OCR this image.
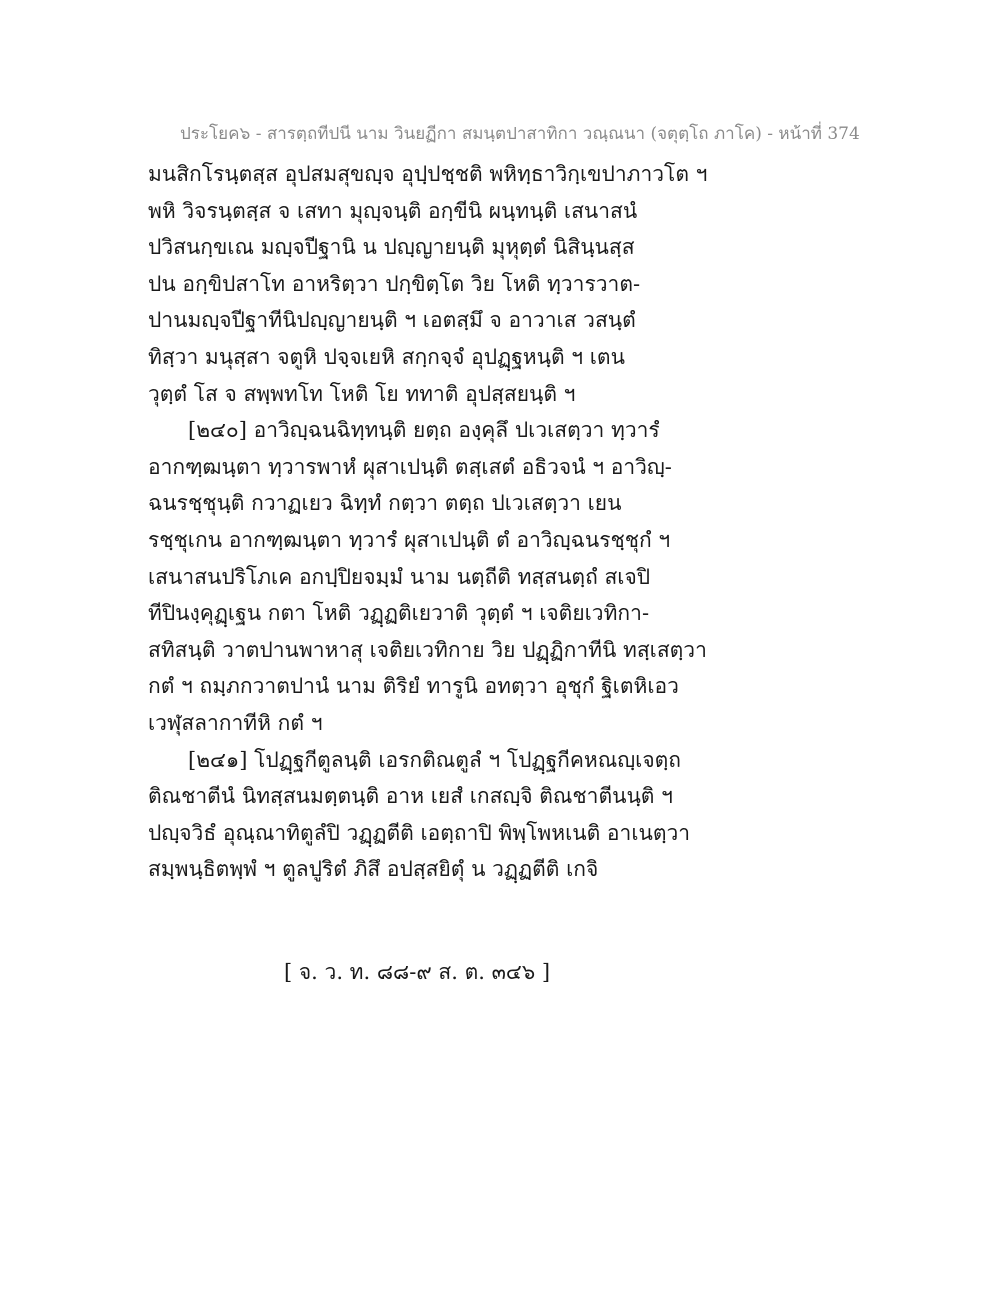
ประโยค๖ - สารตฺถทีปนี นาม วินยฏีกา สมนฺตปาสาทิกา วณฺณนา (จตุตฺโถ ภาโค) - หน้าที่ 374
มนสิกโรนฺตสฺส อุปสมสุขญฺจ อุปฺปชฺชติ พหิทฺธาวิกฺเขปาภาวโต ฯ
พหิ วิจรนฺตสฺส จ เสทา มุญฺจนฺติ อกฺขีนิ ผนฺทนฺติ เสนาสนํ
ปวิสนกฺขเณ มญฺจปีฐานิ น ปญฺญายนฺติ มุหุตฺตํ นิสินฺนสฺส
ปน อกฺขิปสาโท อาหริตฺวา ปกฺขิตฺโต วิย โหติ ทฺวารวาต-
ปานมญฺจปีฐาทีนิปญฺญายนฺติ ฯ เอตสฺมึ จ อาวาเส วสนฺตํ
ทิสฺวา มนุสฺสา จตูหิ ปจฺจเยหิ สกฺกจฺจํ อุปฏฺฐหนฺติ ฯ เตน
วุตฺตํ โส จ สพฺพทโท โหติ โย ททาติ อุปสฺสยนฺติ ฯ
[๒๔๐] อาวิญฺฉนฉิทฺทนฺติ ยตฺถ องฺคุลึ ปเวเสตฺวา ทฺวารํ
อากฑฺฒนฺตา ทฺวารพาหํ ผุสาเปนฺติ ตสฺเสตํ อธิวจนํ ฯ อาวิญฺ-
ฉนรชฺชุนฺติ กวาฏเยว ฉิทฺทํ กตฺวา ตตฺถ ปเวเสตฺวา เยน
รชฺชุเกน อากฑฺฒนฺตา ทฺวารํ ผุสาเปนฺติ ตํ อาวิญฺฉนรชฺชุกํ ฯ
เสนาสนปริโภเค อกปฺปิยจมฺมํ นาม นตฺถีติ ทสฺสนตฺถํ สเจปิ
ทีปินงฺคุฏฺเฐน กตา โหติ วฏฺฏติเยวาติ วุตฺตํ ฯ เจติยเวทิกา-
สทิสนฺติ วาตปานพาหาสุ เจติยเวทิกาย วิย ปฏฺฏิกาทีนิ ทสฺเสตฺวา
กตํ ฯ ถมฺภกวาตปานํ นาม ติริยํ ทารูนิ อทตฺวา อุชุกํ ฐิเตหิเอว
เวฬุสลากาทีหิ กตํ ฯ
[๒๔๑] โปฏฺฐกีตูลนฺติ เอรกติณตูลํ ฯ โปฏฺฐกีคหณญฺเจตฺถ
ติณชาตีนํ นิทสฺสนมตฺตนฺติ อาห เยสํ เกสญฺจิ ติณชาตีนนฺติ ฯ
ปญฺจวิธํ อุณฺณาทิตูลํปิ วฏฺฏตีติ เอตฺถาปิ พิพฺโพหเนติ อาเนตฺวา
สมฺพนฺธิตพฺพํ ฯ ตูลปูริตํ ภิสึ อปสฺสยิตุํ น วฏฺฏตีติ เกจิ
[ จ. ว. ท. ๘๘-๙ ส. ต. ๓๔๖ ]
